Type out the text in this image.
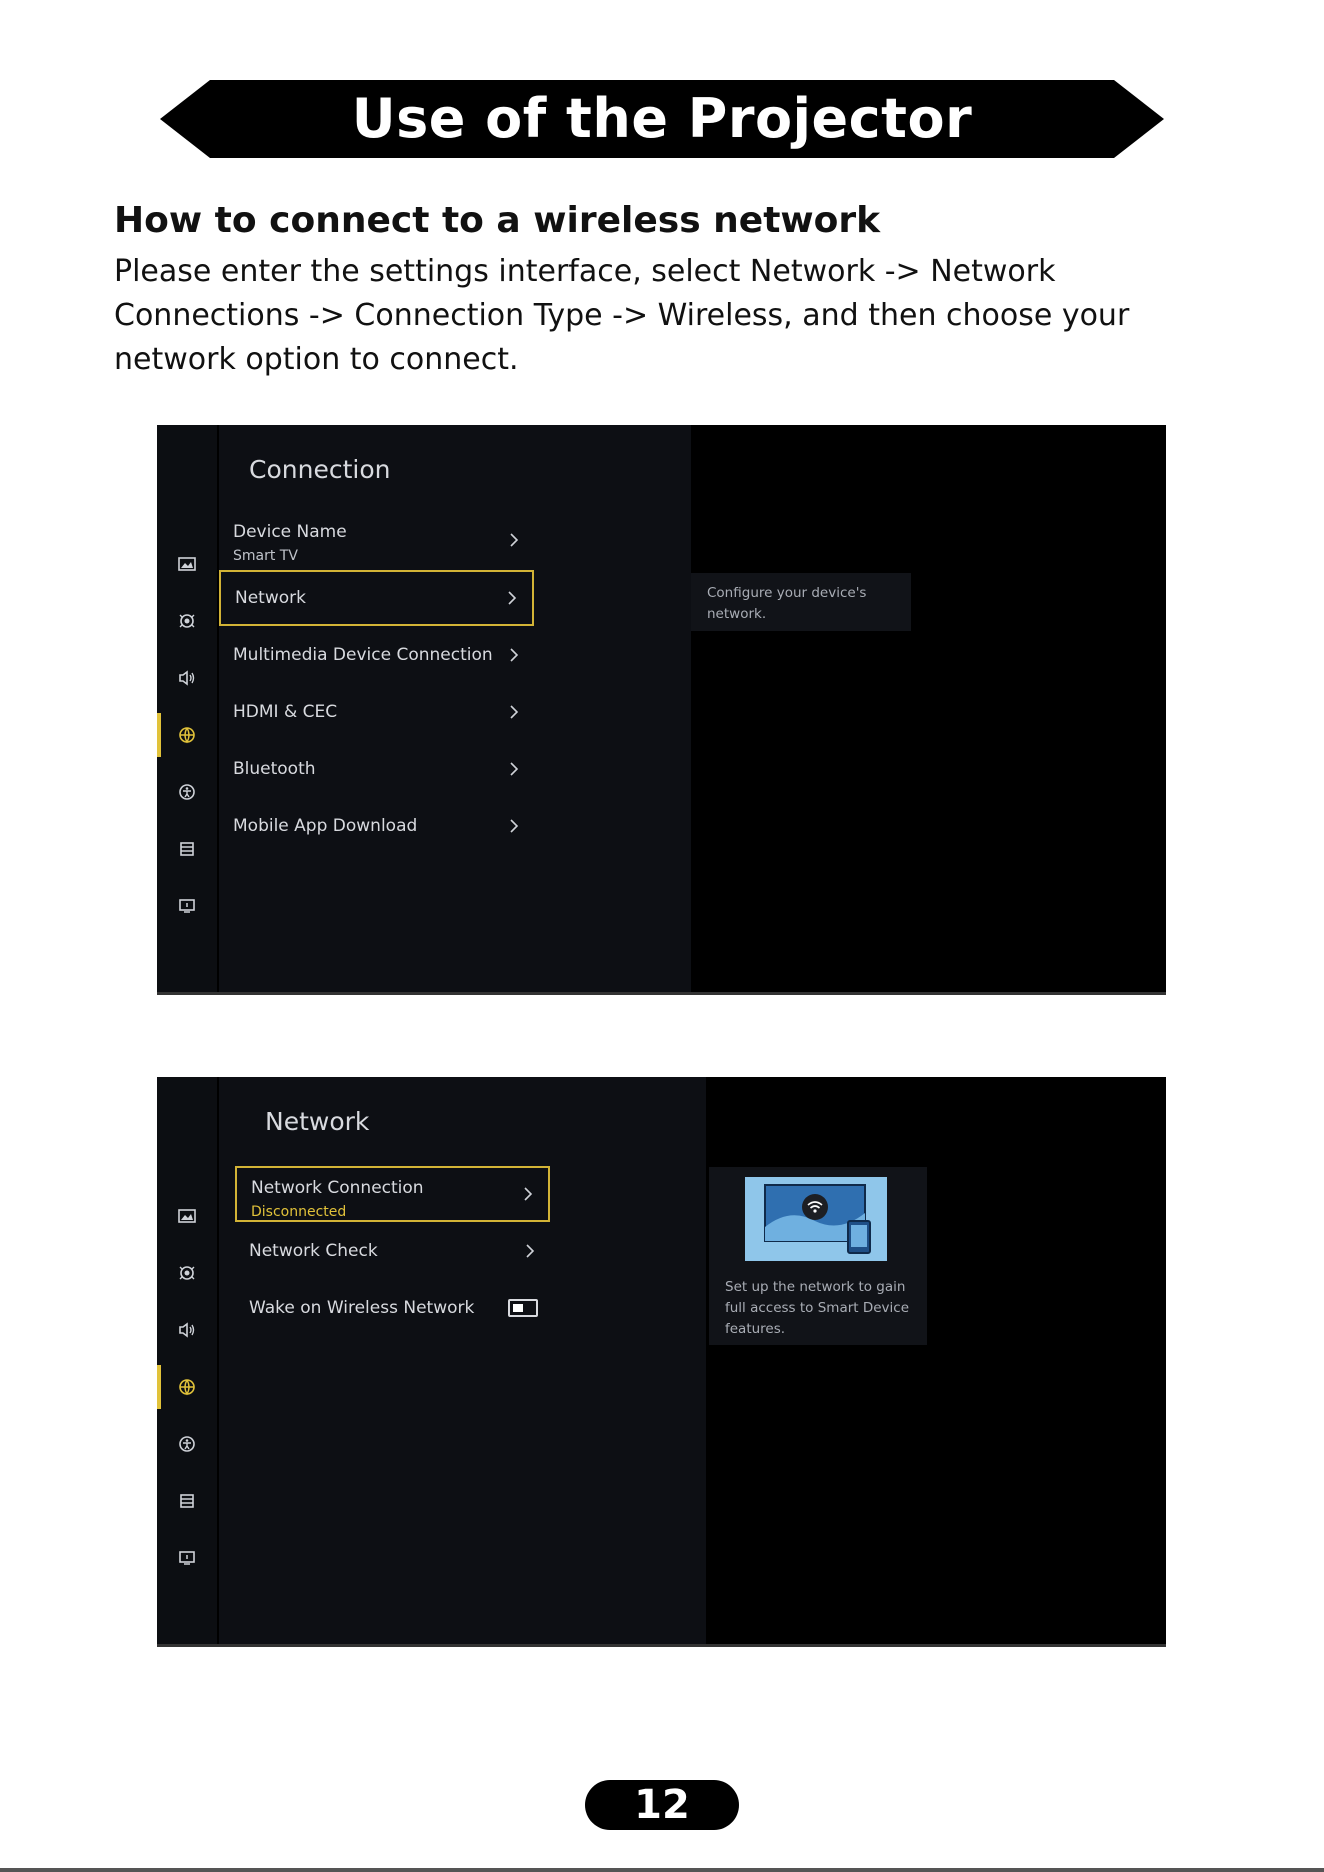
Use of the Projector
How to connect to a wireless network

Please enter the settings interface, select Network -> Network Connections -> Connection Type -> Wireless, and then choose your network option to connect.

Connection
Device Name
Smart TV
Network
Multimedia Device Connection
HDMI & CEC
Bluetooth
Mobile App Download
Configure your device's network.
Network
Network Connection
Disconnected
Network Check
Wake on Wireless Network
Set up the network to gain full access to Smart Device features.
12
